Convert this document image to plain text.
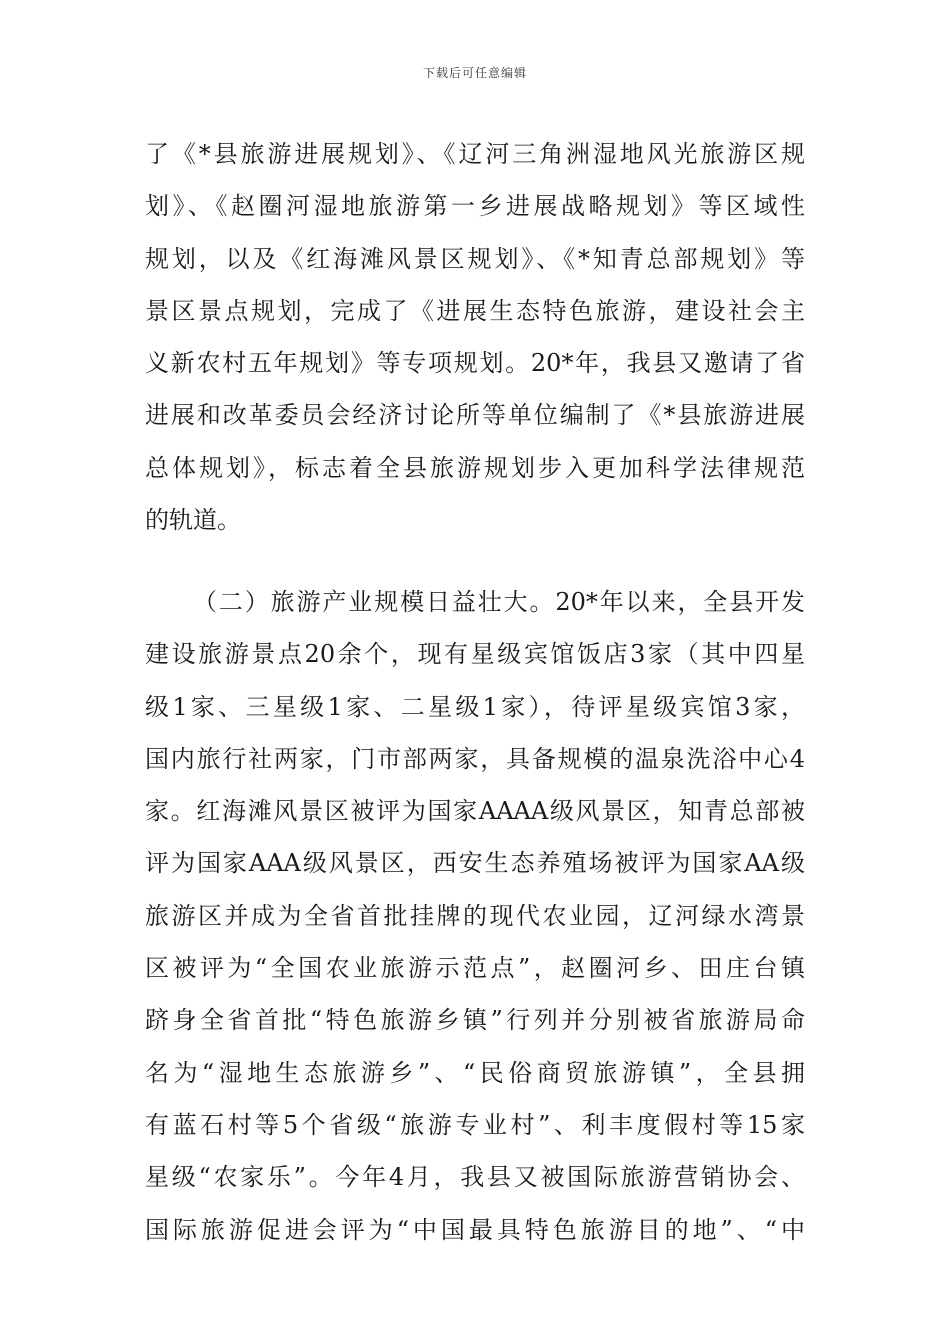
下载后可任意编辑
了《*县旅游进展规划》、《辽河三角洲湿地风光旅游区规
划》、《赵圈河湿地旅游第一乡进展战略规划》等区域性
规划，以及《红海滩风景区规划》、《*知青总部规划》等
景区景点规划，完成了《进展生态特色旅游，建设社会主
义新农村五年规划》等专项规划。20*年，我县又邀请了省
进展和改革委员会经济讨论所等单位编制了《*县旅游进展
总体规划》，标志着全县旅游规划步入更加科学法律规范
的轨道。
（二）旅游产业规模日益壮大。20*年以来，全县开发
建设旅游景点20余个，现有星级宾馆饭店3家（其中四星
级1家、三星级1家、二星级1家），待评星级宾馆3家，
国内旅行社两家，门市部两家，具备规模的温泉洗浴中心4
家。红海滩风景区被评为国家AAAA级风景区，知青总部被
评为国家AAA级风景区，西安生态养殖场被评为国家AA级
旅游区并成为全省首批挂牌的现代农业园，辽河绿水湾景
区被评为“全国农业旅游示范点”，赵圈河乡、田庄台镇
跻身全省首批“特色旅游乡镇”行列并分别被省旅游局命
名为“湿地生态旅游乡”、“民俗商贸旅游镇”，全县拥
有蓝石村等5个省级“旅游专业村”、利丰度假村等15家
星级“农家乐”。今年4月，我县又被国际旅游营销协会、
国际旅游促进会评为“中国最具特色旅游目的地”、“中
